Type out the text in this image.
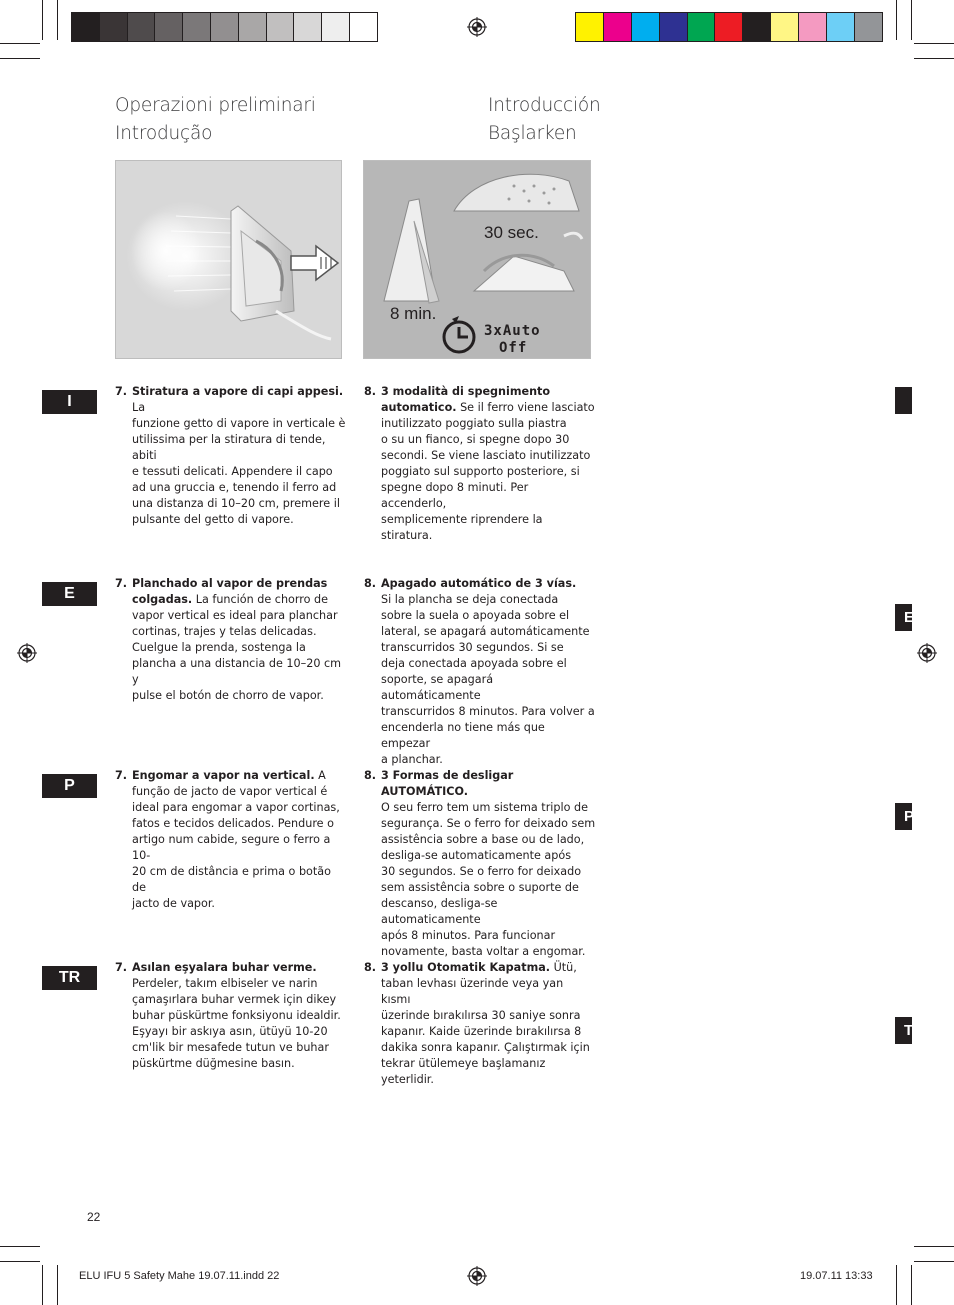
Operazioni preliminari
Introdução
Introducción
Başlarken
30 sec.
8 min.
3xAuto
Off
I
E
P
TR
I
E
P
T
7. Stiratura a vapore di capi appesi. La
funzione getto di vapore in verticale è
utilissima per la stiratura di tende, abiti
e tessuti delicati. Appendere il capo
ad una gruccia e, tenendo il ferro ad
una distanza di 10–20 cm, premere il
pulsante del getto di vapore.
8. 3 modalità di spegnimento
automatico. Se il ferro viene lasciato
inutilizzato poggiato sulla piastra
o su un fianco, si spegne dopo 30
secondi. Se viene lasciato inutilizzato
poggiato sul supporto posteriore, si
spegne dopo 8 minuti. Per accenderlo,
semplicemente riprendere la stiratura.
7. Planchado al vapor de prendas
colgadas. La función de chorro de
vapor vertical es ideal para planchar
cortinas, trajes y telas delicadas.
Cuelgue la prenda, sostenga la
plancha a una distancia de 10–20 cm y
pulse el botón de chorro de vapor.
8. Apagado automático de 3 vías.
Si la plancha se deja conectada
sobre la suela o apoyada sobre el
lateral, se apagará automáticamente
transcurridos 30 segundos. Si se
deja conectada apoyada sobre el
soporte, se apagará automáticamente
transcurridos 8 minutos. Para volver a
encenderla no tiene más que empezar
a planchar.
7. Engomar a vapor na vertical. A
função de jacto de vapor vertical é
ideal para engomar a vapor cortinas,
fatos e tecidos delicados. Pendure o
artigo num cabide, segure o ferro a 10-
20 cm de distância e prima o botão de
jacto de vapor.
8. 3 Formas de desligar AUTOMÁTICO.
O seu ferro tem um sistema triplo de
segurança. Se o ferro for deixado sem
assistência sobre a base ou de lado,
desliga-se automaticamente após
30 segundos. Se o ferro for deixado
sem assistência sobre o suporte de
descanso, desliga-se automaticamente
após 8 minutos. Para funcionar
novamente, basta voltar a engomar.
7. Asılan eşyalara buhar verme.
Perdeler, takım elbiseler ve narin
çamaşırlara buhar vermek için dikey
buhar püskürtme fonksiyonu idealdir.
Eşyayı bir askıya asın, ütüyü 10-20
cm'lik bir mesafede tutun ve buhar
püskürtme düğmesine basın.
8. 3 yollu Otomatik Kapatma. Ütü,
taban levhası üzerinde veya yan kısmı
üzerinde bırakılırsa 30 saniye sonra
kapanır. Kaide üzerinde bırakılırsa 8
dakika sonra kapanır. Çalıştırmak için
tekrar ütülemeye başlamanız yeterlidir.
22
ELU IFU 5 Safety Mahe 19.07.11.indd 22	19.07.11 13:33
